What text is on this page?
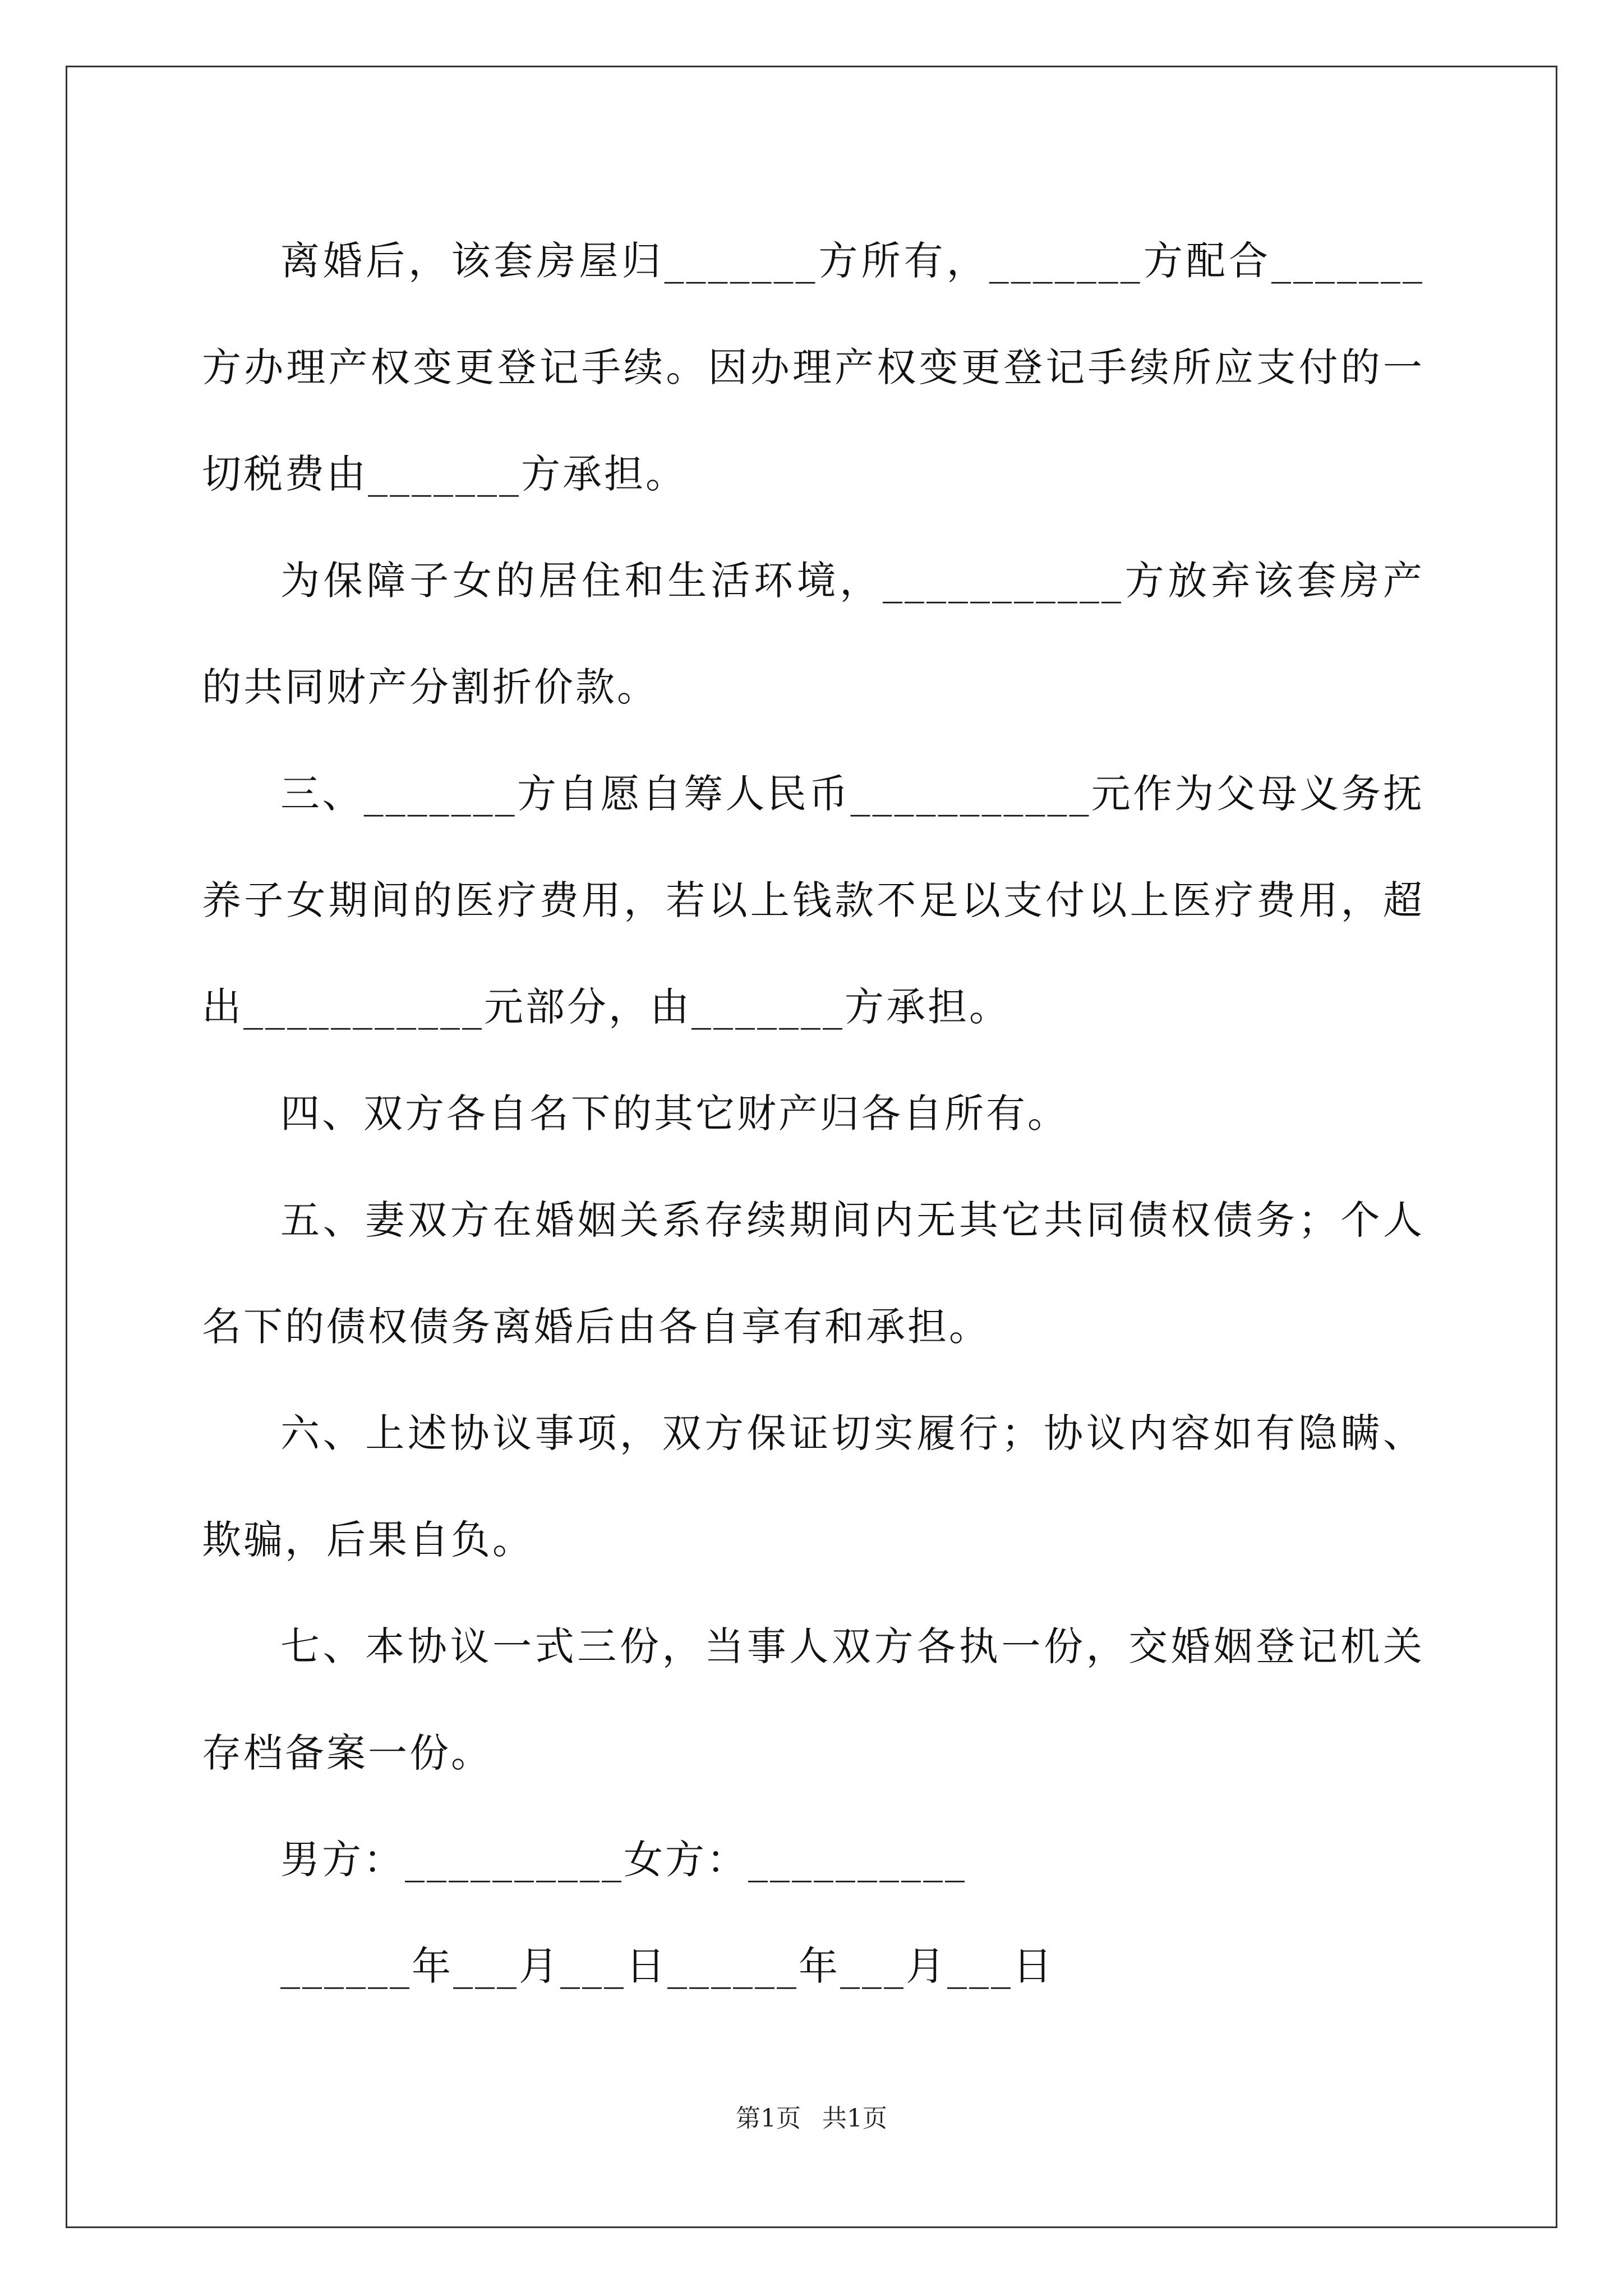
离婚后，该套房屋归_______方所有，_______方配合_______方办理产权变更登记手续。因办理产权变更登记手续所应支付的一切税费由_______方承担。

为保障子女的居住和生活环境，___________方放弃该套房产的共同财产分割折价款。

三、_______方自愿自筹人民币___________元作为父母义务抚养子女期间的医疗费用，若以上钱款不足以支付以上医疗费用，超出___________元部分，由_______方承担。

四、双方各自名下的其它财产归各自所有。

五、妻双方在婚姻关系存续期间内无其它共同债权债务；个人名下的债权债务离婚后由各自享有和承担。

六、上述协议事项，双方保证切实履行；协议内容如有隐瞒、欺骗，后果自负。

七、本协议一式三份，当事人双方各执一份，交婚姻登记机关存档备案一份。

男方：__________女方：__________

______年___月___日______年___月___日

第1页 共1页
